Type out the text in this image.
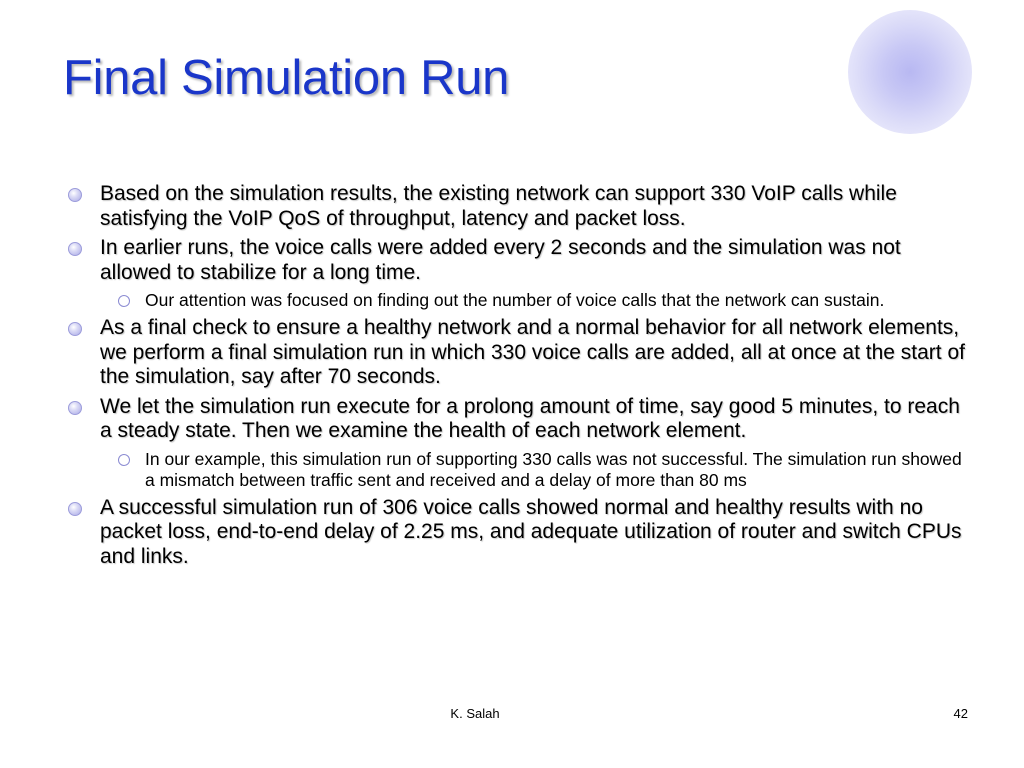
Final Simulation Run
Based on the simulation results, the existing network can support 330 VoIP calls while satisfying the VoIP QoS of throughput, latency and packet loss.
In earlier runs, the voice calls were added every 2 seconds and the simulation was not allowed to stabilize for a long time.
Our attention was focused on finding out the number of voice calls that the network can sustain.
As a final check to ensure a healthy network and a normal behavior for all network elements, we perform a final simulation run in which 330 voice calls are added, all at once at the start of the simulation, say after 70 seconds.
We let the simulation run execute for a prolong amount of time, say good 5 minutes, to reach a steady state. Then we examine the health of each network element.
In our example, this simulation run of supporting 330 calls was not successful. The simulation run showed a mismatch between traffic sent and received and a delay of more than 80 ms
A successful simulation run of 306 voice calls showed normal and healthy results with no packet loss, end-to-end delay of 2.25 ms, and adequate utilization of router and switch CPUs and links.
K. Salah	42
